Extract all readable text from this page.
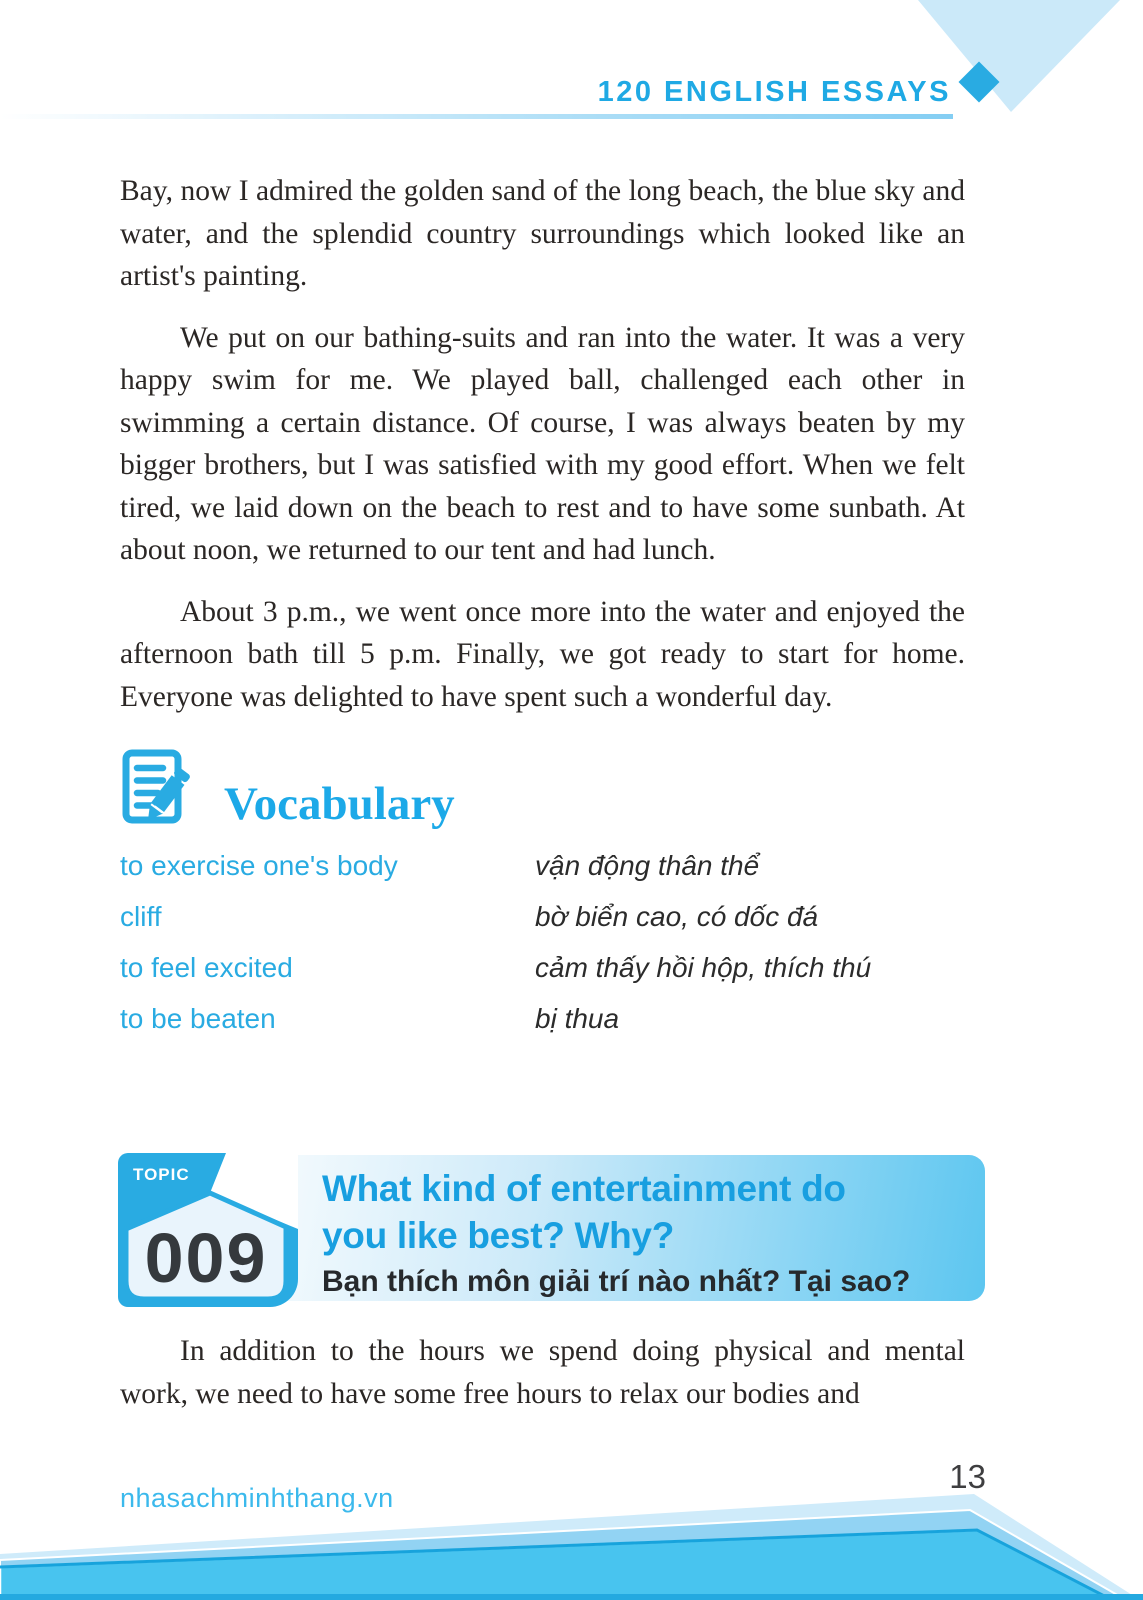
120 ENGLISH ESSAYS

Bay, now I admired the golden sand of the long beach, the blue sky and water, and the splendid country surroundings which looked like an artist's painting.

We put on our bathing-suits and ran into the water. It was a very happy swim for me. We played ball, challenged each other in swimming a certain distance. Of course, I was always beaten by my bigger brothers, but I was satisfied with my good effort. When we felt tired, we laid down on the beach to rest and to have some sunbath. At about noon, we returned to our tent and had lunch.

About 3 p.m., we went once more into the water and enjoyed the afternoon bath till 5 p.m. Finally, we got ready to start for home. Everyone was delighted to have spent such a wonderful day.

Vocabulary
to exercise one's body	vận động thân thể
cliff	bờ biển cao, có dốc đá
to feel excited	cảm thấy hồi hộp, thích thú
to be beaten	bị thua
What kind of entertainment do
you like best? Why?
Bạn thích môn giải trí nào nhất? Tại sao?
TOPIC
009

In addition to the hours we spend doing physical and mental work, we need to have some free hours to relax our bodies and

nhasachminhthang.vn
13
